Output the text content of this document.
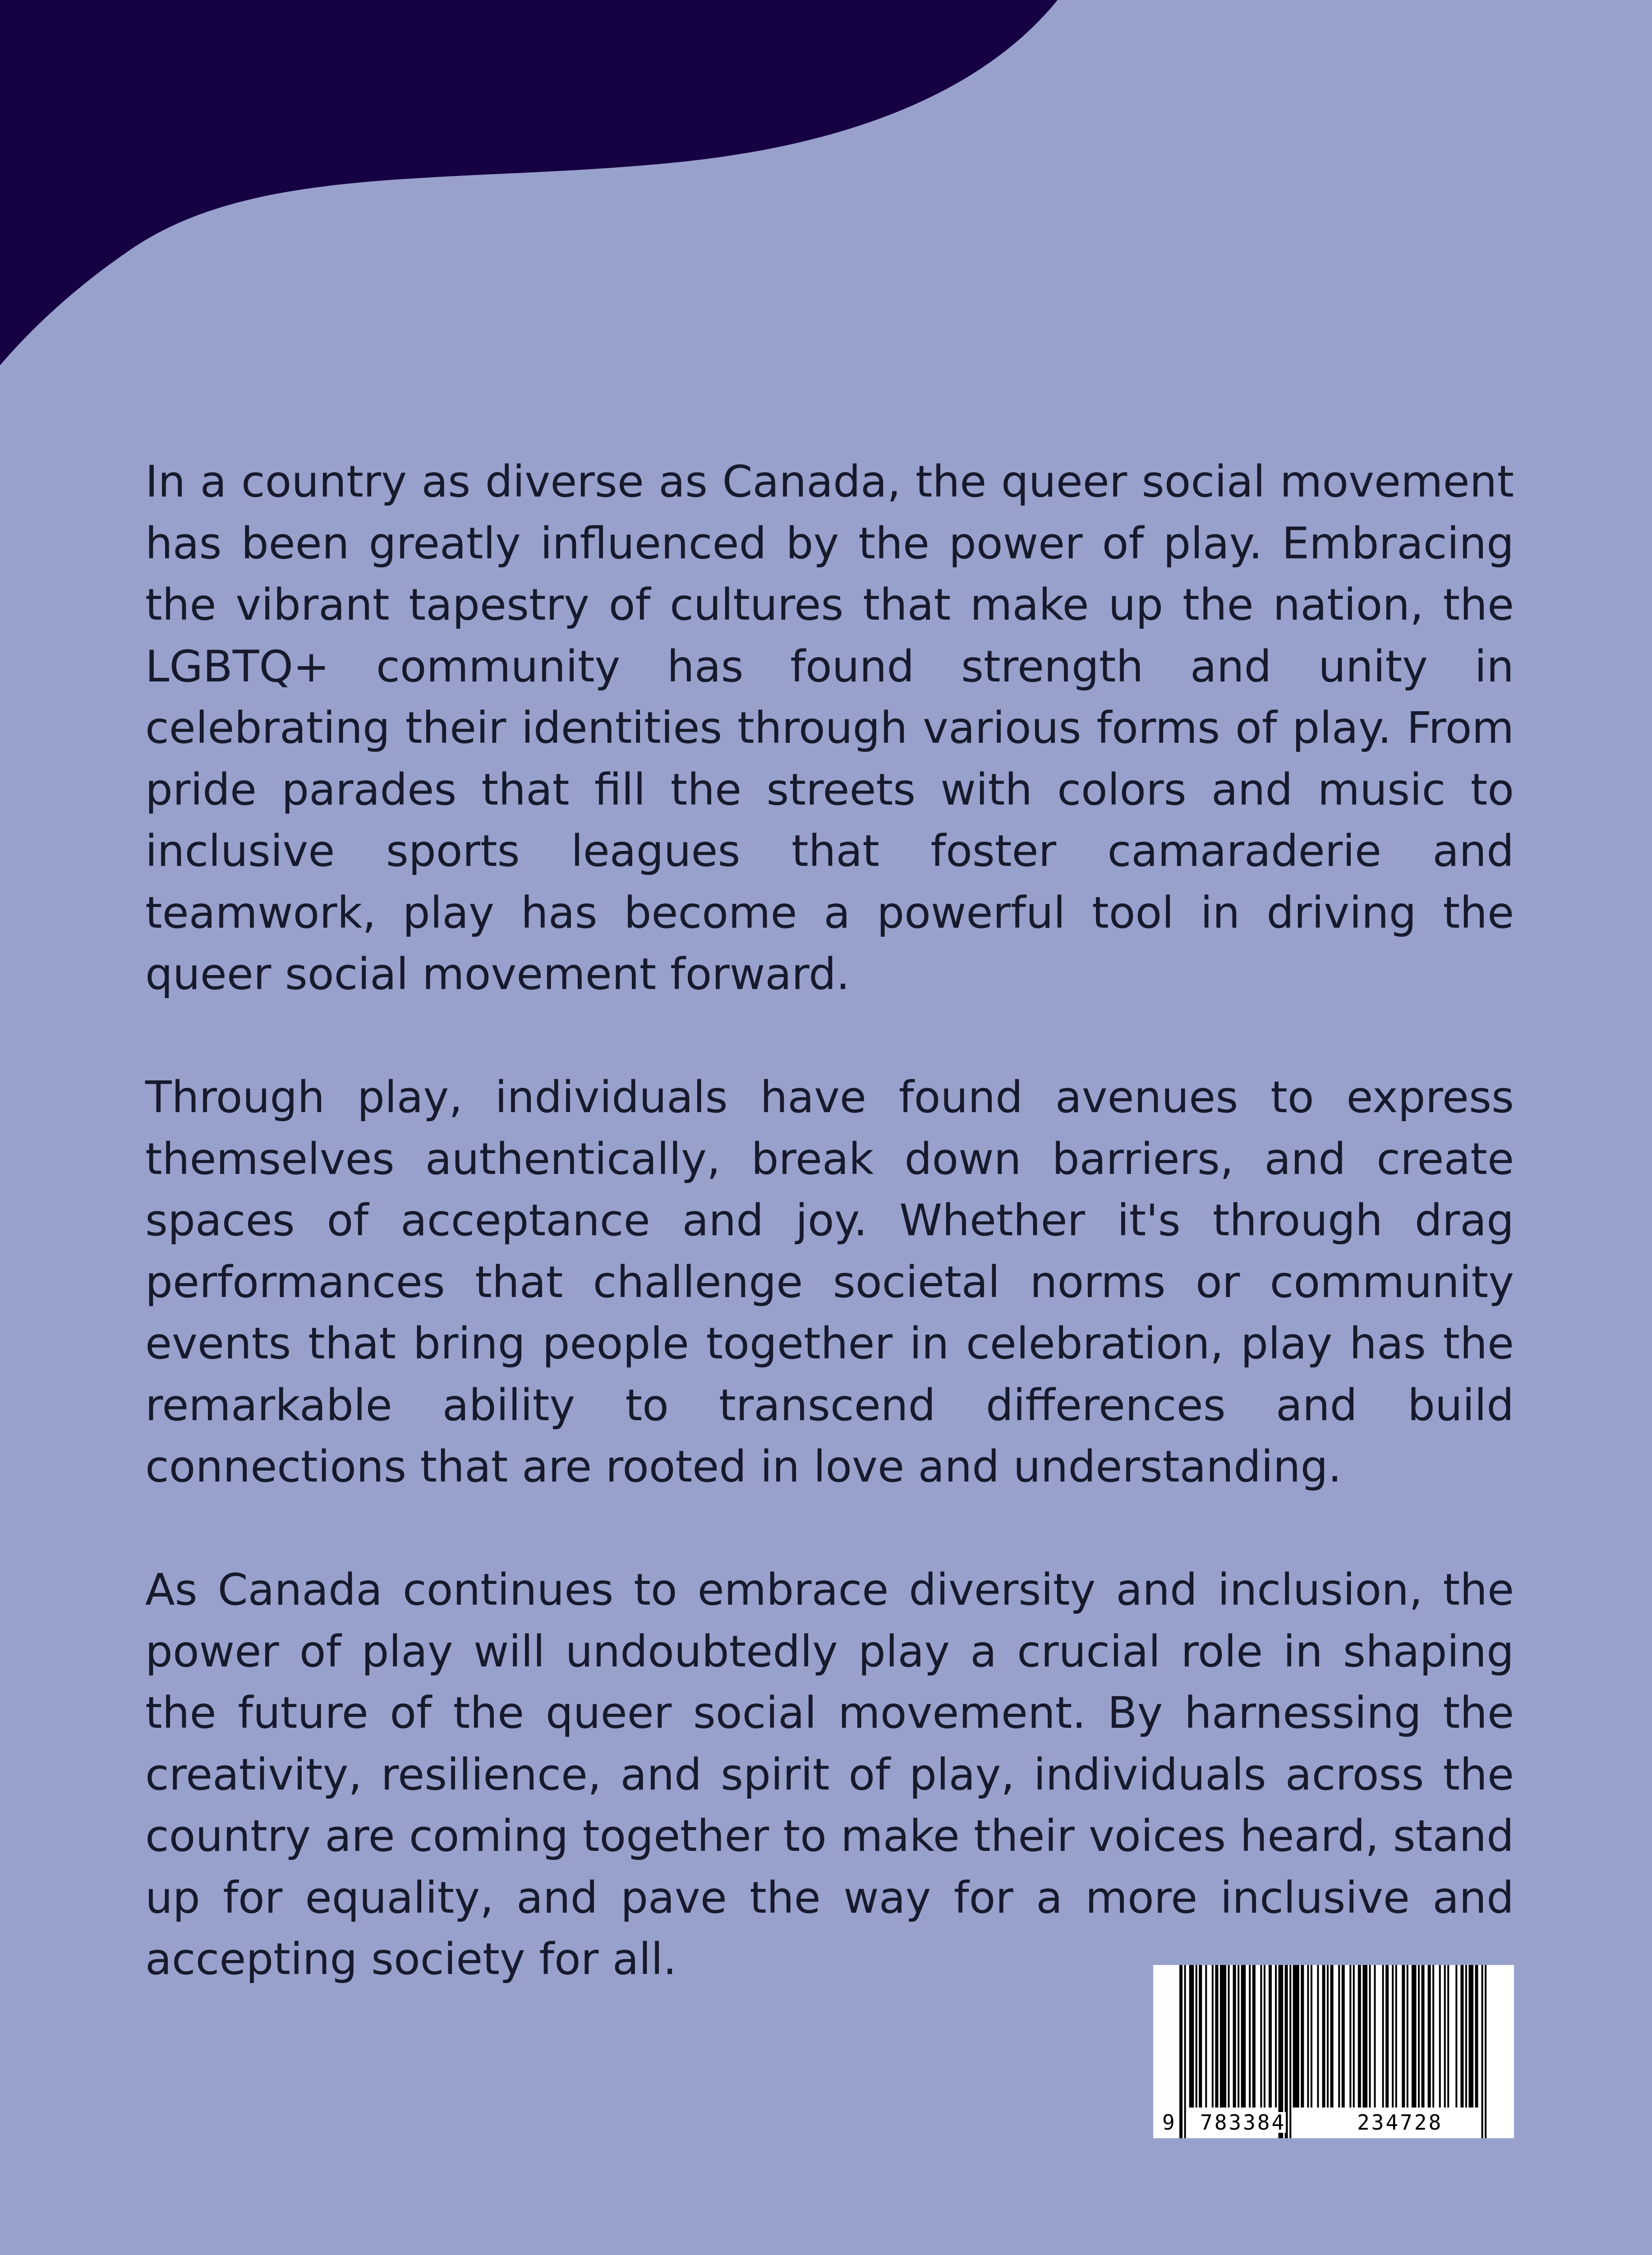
In a country as diverse as Canada, the queer social movement has been greatly influenced by the power of play. Embracing the vibrant tapestry of cultures that make up the nation, the LGBTQ+ community has found strength and unity in celebrating their identities through various forms of play. From pride parades that fill the streets with colors and music to inclusive sports leagues that foster camaraderie and teamwork, play has become a powerful tool in driving the queer social movement forward.

Through play, individuals have found avenues to express themselves authentically, break down barriers, and create spaces of acceptance and joy. Whether it's through drag performances that challenge societal norms or community events that bring people together in celebration, play has the remarkable ability to transcend differences and build connections that are rooted in love and understanding.

As Canada continues to embrace diversity and inclusion, the power of play will undoubtedly play a crucial role in shaping the future of the queer social movement. By harnessing the creativity, resilience, and spirit of play, individuals across the country are coming together to make their voices heard, stand up for equality, and pave the way for a more inclusive and accepting society for all.

9 783384	234728
